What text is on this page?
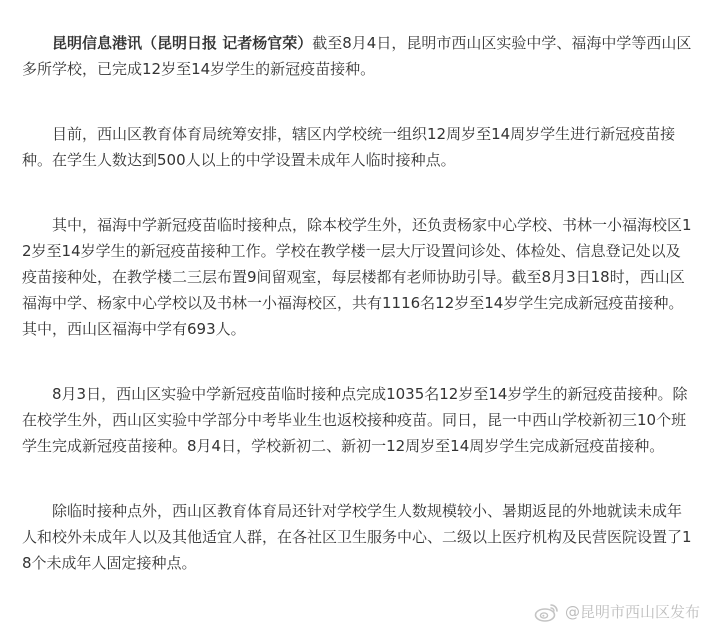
昆明信息港讯（昆明日报 记者杨官荣）截至8月4日，昆明市西山区实验中学、福海中学等西山区多所学校，已完成12岁至14岁学生的新冠疫苗接种。

目前，西山区教育体育局统筹安排，辖区内学校统一组织12周岁至14周岁学生进行新冠疫苗接种。在学生人数达到500人以上的中学设置未成年人临时接种点。

其中，福海中学新冠疫苗临时接种点，除本校学生外，还负责杨家中心学校、书林一小福海校区12岁至14岁学生的新冠疫苗接种工作。学校在教学楼一层大厅设置问诊处、体检处、信息登记处以及疫苗接种处，在教学楼二三层布置9间留观室，每层楼都有老师协助引导。截至8月3日18时，西山区福海中学、杨家中心学校以及书林一小福海校区，共有1116名12岁至14岁学生完成新冠疫苗接种。其中，西山区福海中学有693人。

8月3日，西山区实验中学新冠疫苗临时接种点完成1035名12岁至14岁学生的新冠疫苗接种。除在校学生外，西山区实验中学部分中考毕业生也返校接种疫苗。同日，昆一中西山学校新初三10个班学生完成新冠疫苗接种。8月4日，学校新初二、新初一12周岁至14周岁学生完成新冠疫苗接种。

除临时接种点外，西山区教育体育局还针对学校学生人数规模较小、暑期返昆的外地就读未成年人和校外未成年人以及其他适宜人群，在各社区卫生服务中心、二级以上医疗机构及民营医院设置了18个未成年人固定接种点。

@昆明市西山区发布
